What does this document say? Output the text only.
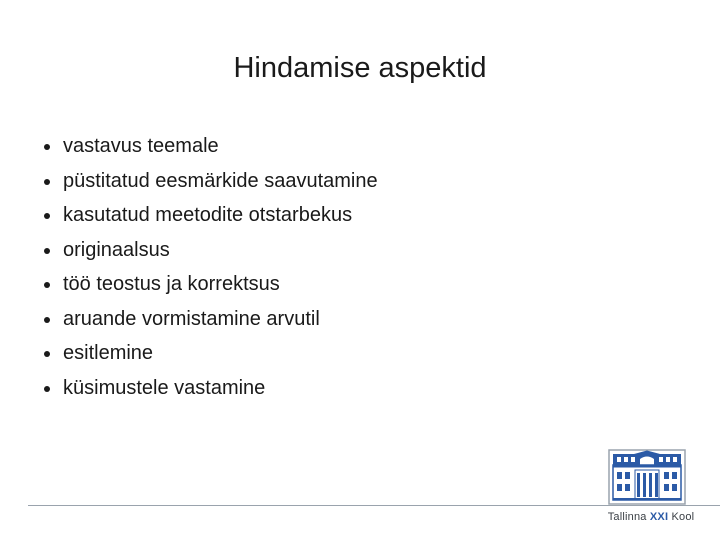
Hindamise aspektid
vastavus teemale
püstitatud eesmärkide saavutamine
kasutatud meetodite otstarbekus
originaalsus
töö teostus ja korrektsus
aruande vormistamine arvutil
esitlemine
küsimustele vastamine
Tallinna XXI Kool
